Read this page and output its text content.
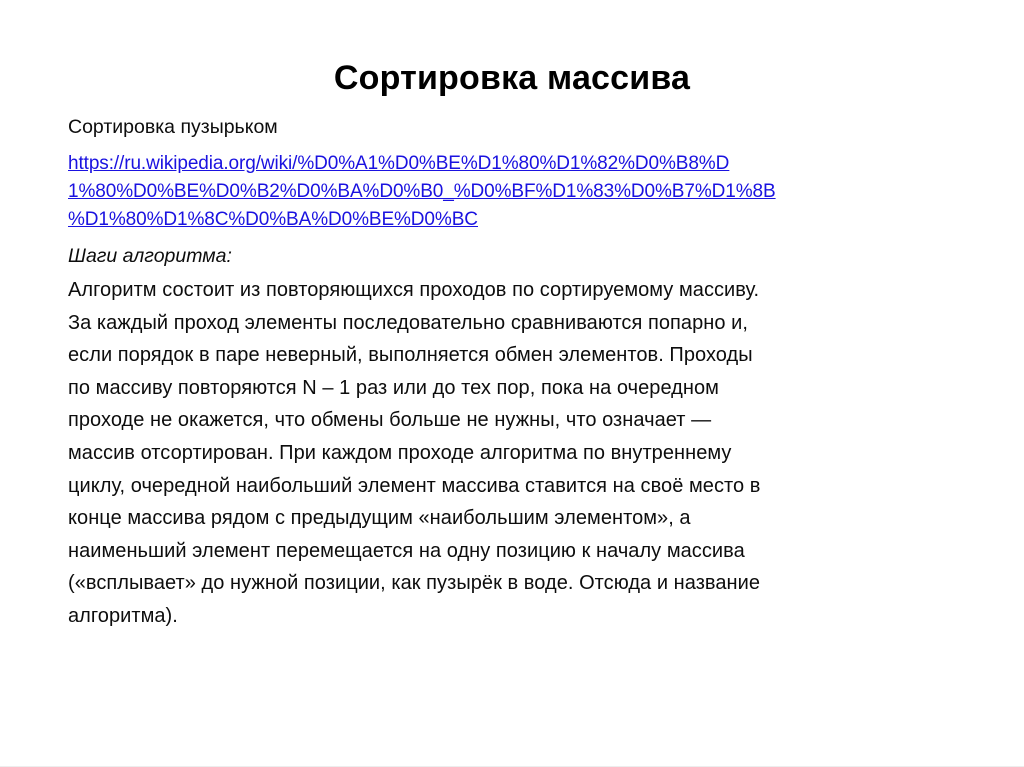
Сортировка массива

Сортировка пузырьком

https://ru.wikipedia.org/wiki/%D0%A1%D0%BE%D1%80%D1%82%D0%B8%D
1%80%D0%BE%D0%B2%D0%BA%D0%B0_%D0%BF%D1%83%D0%B7%D1%8B
%D1%80%D1%8C%D0%BA%D0%BE%D0%BC

Шаги алгоритма:

Алгоритм состоит из повторяющихся проходов по сортируемому массиву.
За каждый проход элементы последовательно сравниваются попарно и,
если порядок в паре неверный, выполняется обмен элементов. Проходы
по массиву повторяются N – 1 раз или до тех пор, пока на очередном
проходе не окажется, что обмены больше не нужны, что означает —
массив отсортирован. При каждом проходе алгоритма по внутреннему
циклу, очередной наибольший элемент массива ставится на своё место в
конце массива рядом с предыдущим «наибольшим элементом», а
наименьший элемент перемещается на одну позицию к началу массива
(«всплывает» до нужной позиции, как пузырёк в воде. Отсюда и название
алгоритма).
